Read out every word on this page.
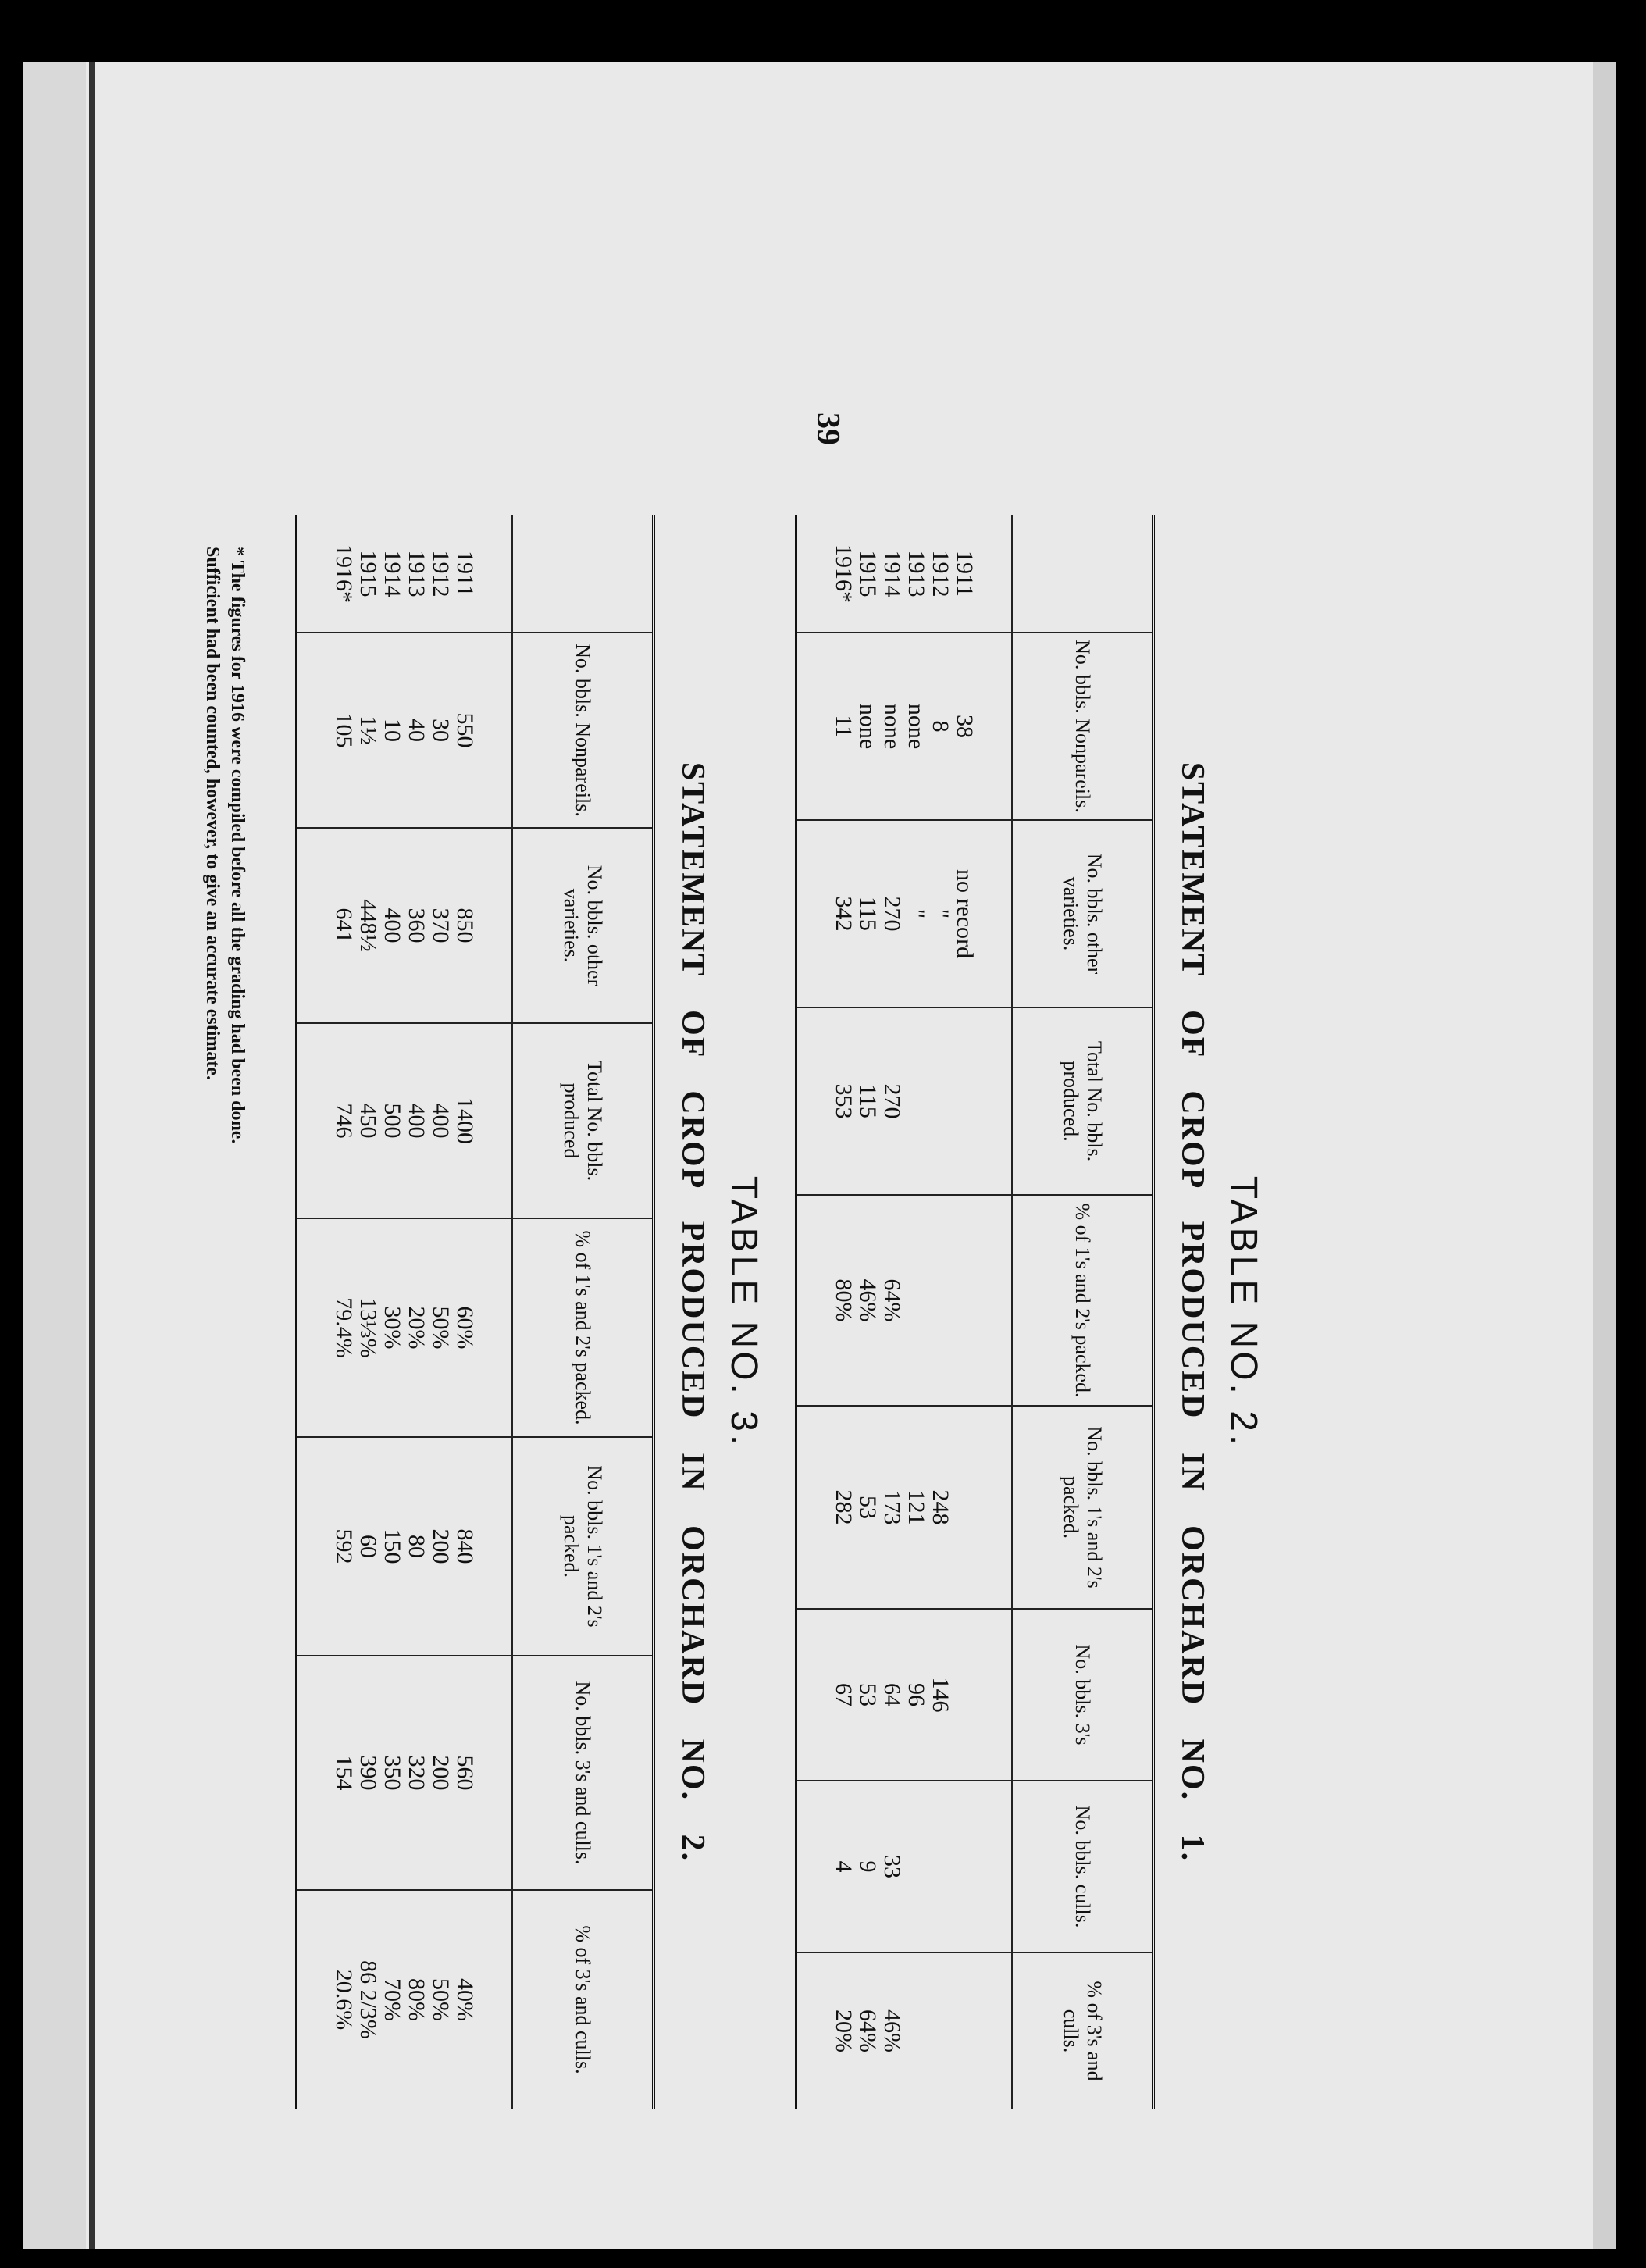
39
TABLE NO. 2.
STATEMENT OF CROP PRODUCED IN ORCHARD NO. 1.
	No. bbls. Nonpareils.	No. bbls. other varieties.	Total No. bbls. produced.	% of 1's and 2's packed.	No. bbls. 1's and 2's packed.	No. bbls. 3's	No. bbls. culls.	% of 3's and culls.

1911	38	no record						
1912	8	"			248	146		
1913	none	"			121	96		
1914	none	270	270	64%	173	64	33	46%
1915	none	115	115	46%	53	53	9	64%
1916*	11	342	353	80%	282	67	4	20%

TABLE NO. 3.
STATEMENT OF CROP PRODUCED IN ORCHARD NO. 2.
	No. bbls. Nonpareils.	No. bbls. other varieties.	Total No. bbls. produced	% of 1's and 2's packed.	No. bbls. 1's and 2's packed.	No. bbls. 3's and culls.	% of 3's and culls.

1911	550	850	1400	60%	840	560	40%
1912	30	370	400	50%	200	200	50%
1913	40	360	400	20%	80	320	80%
1914	10	400	500	30%	150	350	70%
1915	1½	448½	450	13⅓%	60	390	86 2/3%
1916*	105	641	746	79.4%	592	154	20.6%

* The figures for 1916 were compiled before all the grading had been done.
Sufficient had been counted, however, to give an accurate estimate.
